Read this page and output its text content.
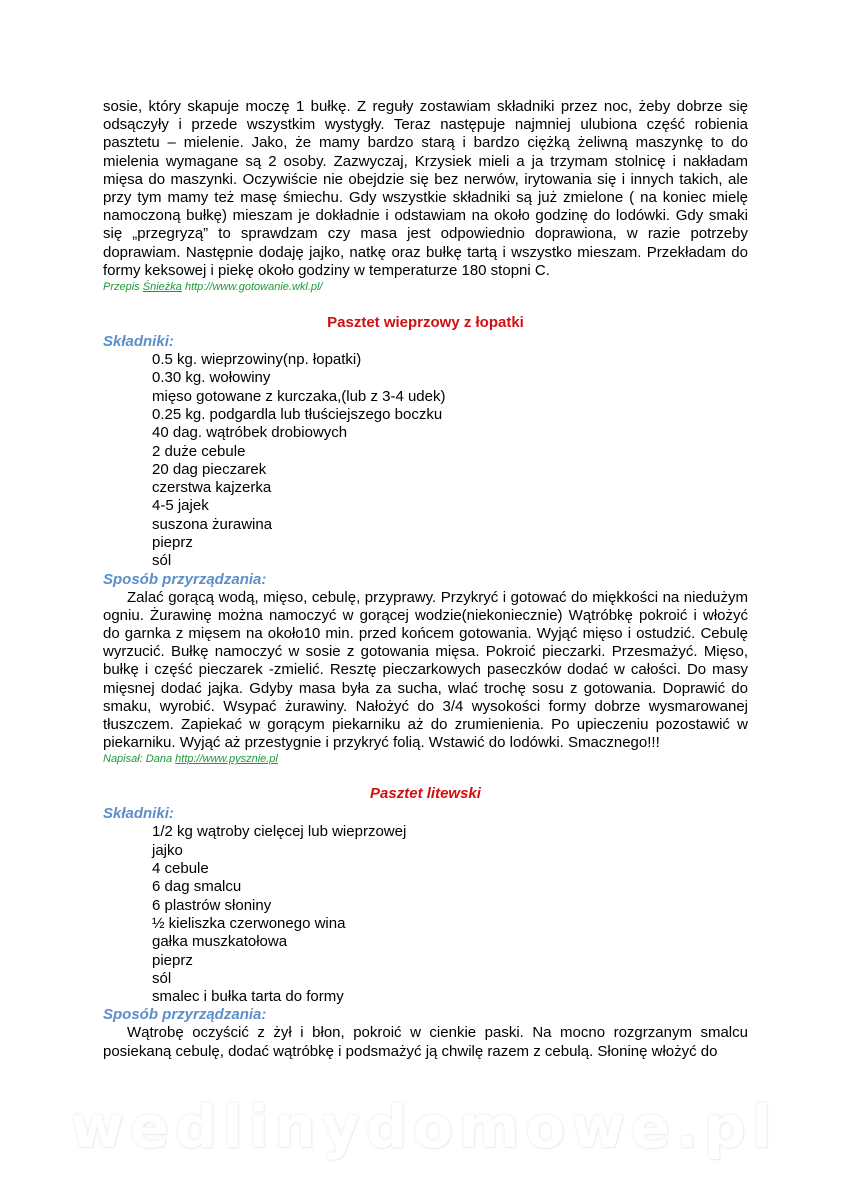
sosie, który skapuje moczę 1 bułkę. Z reguły zostawiam składniki przez noc, żeby dobrze się odsączyły i przede wszystkim wystygły. Teraz następuje najmniej ulubiona część robienia pasztetu – mielenie. Jako, że mamy bardzo starą i bardzo ciężką żeliwną maszynkę to do mielenia wymagane są 2 osoby. Zazwyczaj, Krzysiek mieli a ja trzymam stolnicę i nakładam mięsa do maszynki. Oczywiście nie obejdzie się bez nerwów, irytowania się i innych takich, ale przy tym mamy też masę śmiechu. Gdy wszystkie składniki są już zmielone ( na koniec mielę namoczoną bułkę) mieszam je dokładnie i odstawiam na około godzinę do lodówki. Gdy smaki się „przegryzą” to sprawdzam czy masa jest odpowiednio doprawiona, w razie potrzeby doprawiam. Następnie dodaję jajko, natkę oraz bułkę tartą i wszystko mieszam. Przekładam do formy keksowej i piekę około godziny w temperaturze 180 stopni C.

Przepis Śnieżka http://www.gotowanie.wkl.pl/

Pasztet wieprzowy z łopatki
Składniki:
0.5 kg. wieprzowiny(np. łopatki)
0.30 kg. wołowiny
mięso gotowane z kurczaka,(lub z 3-4 udek)
0.25 kg. podgardla lub tłuściejszego boczku
40 dag. wątróbek drobiowych
2 duże cebule
20 dag pieczarek
czerstwa kajzerka
4-5 jajek
suszona żurawina
pieprz
sól
Sposób przyrządzania:

Zalać gorącą wodą, mięso, cebulę, przyprawy. Przykryć i gotować do miękkości na niedużym ogniu. Żurawinę można namoczyć w gorącej wodzie(niekoniecznie) Wątróbkę pokroić i włożyć do garnka z mięsem na około10 min. przed końcem gotowania. Wyjąć mięso i ostudzić. Cebulę wyrzucić. Bułkę namoczyć w sosie z gotowania mięsa. Pokroić pieczarki. Przesmażyć. Mięso, bułkę i część pieczarek -zmielić. Resztę pieczarkowych paseczków dodać w całości. Do masy mięsnej dodać jajka. Gdyby masa była za sucha, wlać trochę sosu z gotowania. Doprawić do smaku, wyrobić. Wsypać żurawiny. Nałożyć do 3/4 wysokości formy dobrze wysmarowanej tłuszczem. Zapiekać w gorącym piekarniku aż do zrumienienia. Po upieczeniu pozostawić w piekarniku. Wyjąć aż przestygnie i przykryć folią. Wstawić do lodówki. Smacznego!!!

Napisał: Dana http://www.pysznie.pl

Pasztet litewski
Składniki:
1/2 kg wątroby cielęcej lub wieprzowej
jajko
4 cebule
6 dag smalcu
6 plastrów słoniny
½ kieliszka czerwonego wina
gałka muszkatołowa
pieprz
sól
smalec i bułka tarta do formy
Sposób przyrządzania:

Wątrobę oczyścić z żył i błon, pokroić w cienkie paski. Na mocno rozgrzanym smalcu posiekaną cebulę, dodać wątróbkę i podsmażyć ją chwilę razem z cebulą. Słoninę włożyć do

wedlinydomowe.pl
